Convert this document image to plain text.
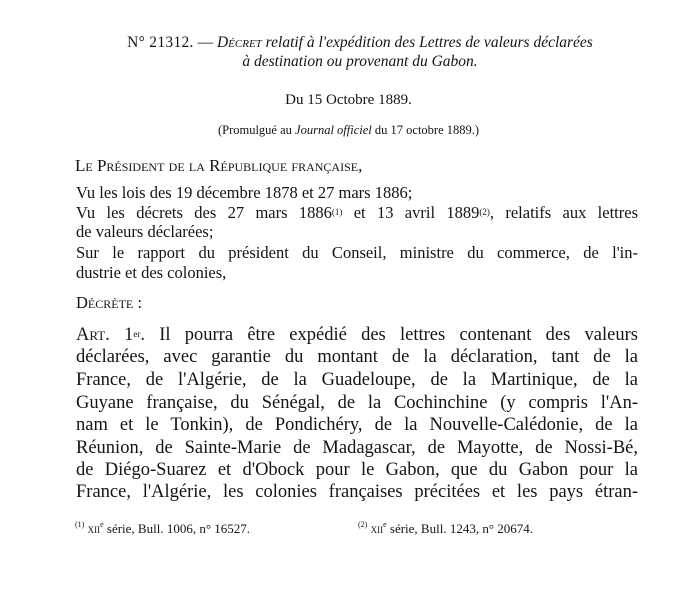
N° 21312. — Décret relatif à l'expédition des Lettres de valeurs déclarées
à destination ou provenant du Gabon.
Du 15 Octobre 1889.
(Promulgué au Journal officiel du 17 octobre 1889.)
Le Président de la République française,
Vu les lois des 19 décembre 1878 et 27 mars 1886;
Vu les décrets des 27 mars 1886$^{(1)}$ et 13 avril 1889$^{(2)}$, relatifs aux lettres
de valeurs déclarées;
Sur le rapport du président du Conseil, ministre du commerce, de l'in-
dustrie et des colonies,
Décrète :
Art. 1er. Il pourra être expédié des lettres contenant des valeurs
déclarées, avec garantie du montant de la déclaration, tant de la
France, de l'Algérie, de la Guadeloupe, de la Martinique, de la
Guyane française, du Sénégal, de la Cochinchine (y compris l'An-
nam et le Tonkin), de Pondichéry, de la Nouvelle-Calédonie, de la
Réunion, de Sainte-Marie de Madagascar, de Mayotte, de Nossi-Bé,
de Diégo-Suarez et d'Obock pour le Gabon, que du Gabon pour la
France, l'Algérie, les colonies françaises précitées et les pays étran-
$^{(1)}$ xii$^e$ série, Bull. 1006, n° 16527.	$^{(2)}$ xii$^e$ série, Bull. 1243, n° 20674.
